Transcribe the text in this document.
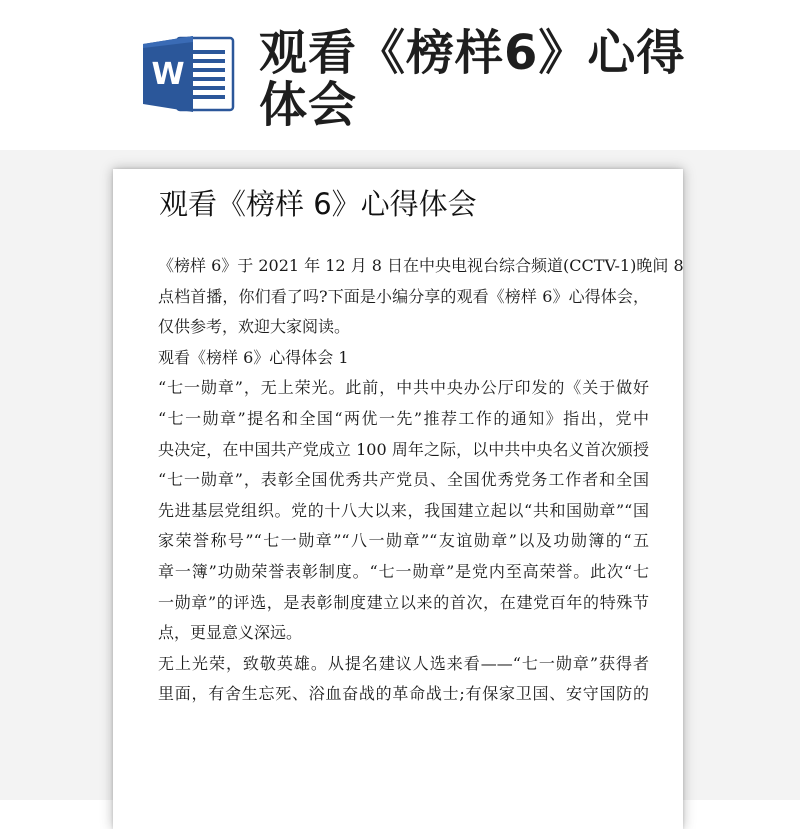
W 观看《榜样6》心得
体会
观看《榜样 6》心得体会
《榜样 6》于 2021 年 12 月 8 日在中央电视台综合频道(CCTV-1)晚间 8
点档首播，你们看了吗?下面是小编分享的观看《榜样 6》心得体会，
仅供参考，欢迎大家阅读。
观看《榜样 6》心得体会 1
“七一勋章”，无上荣光。此前，中共中央办公厅印发的《关于做好
“七一勋章”提名和全国“两优一先”推荐工作的通知》指出，党中
央决定，在中国共产党成立 100 周年之际，以中共中央名义首次颁授
“七一勋章”，表彰全国优秀共产党员、全国优秀党务工作者和全国
先进基层党组织。党的十八大以来，我国建立起以“共和国勋章”“国
家荣誉称号”“七一勋章”“八一勋章”“友谊勋章”以及功勋簿的“五
章一簿”功勋荣誉表彰制度。“七一勋章”是党内至高荣誉。此次“七
一勋章”的评选，是表彰制度建立以来的首次，在建党百年的特殊节
点，更显意义深远。
无上光荣，致敬英雄。从提名建议人选来看——“七一勋章”获得者
里面，有舍生忘死、浴血奋战的革命战士;有保家卫国、安守国防的
